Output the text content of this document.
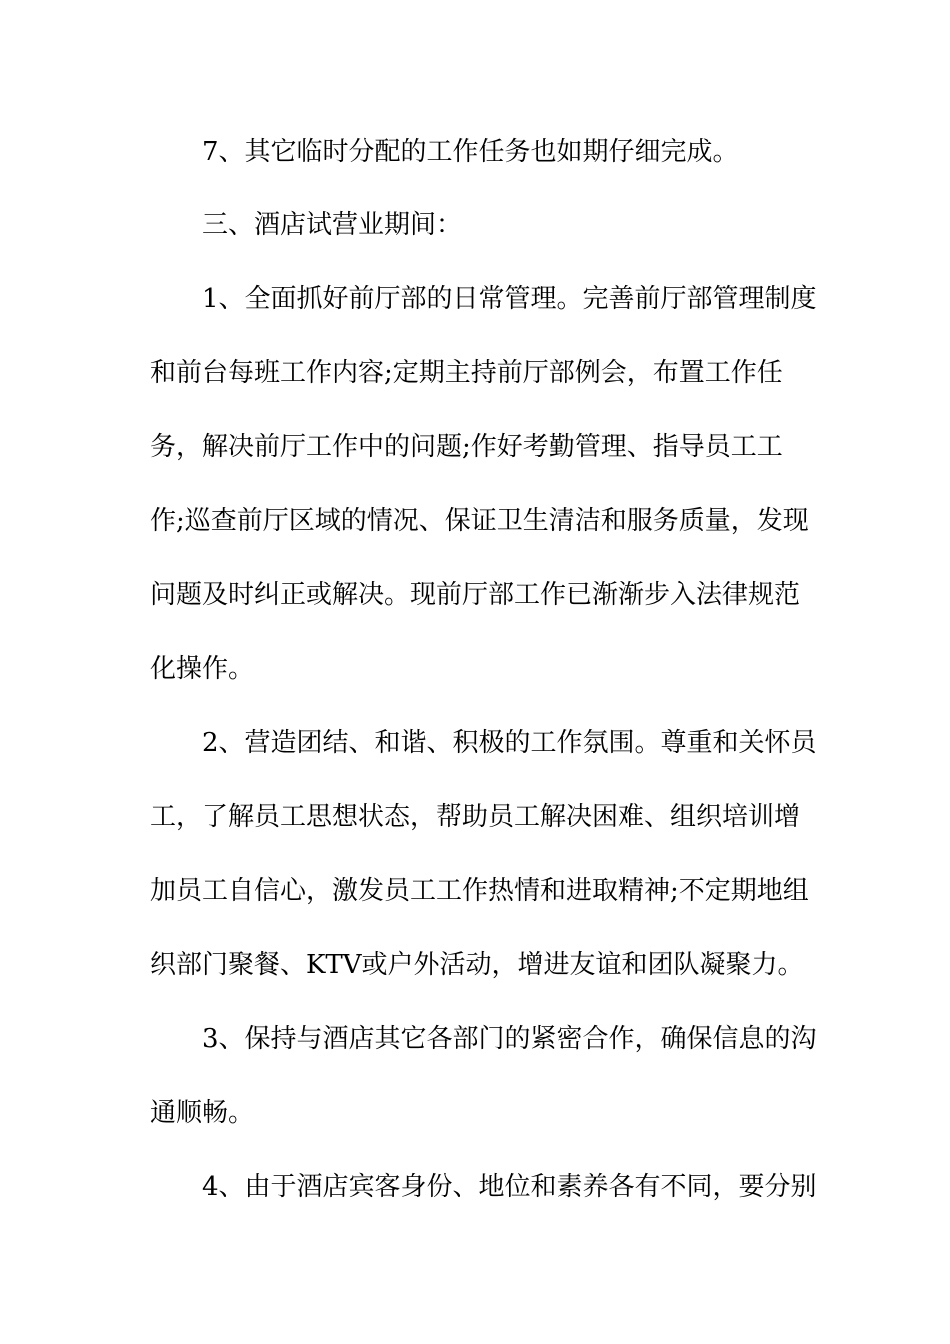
7、其它临时分配的工作任务也如期仔细完成。

三、酒店试营业期间：

1、全面抓好前厅部的日常管理。完善前厅部管理制度

和前台每班工作内容;定期主持前厅部例会，布置工作任

务，解决前厅工作中的问题;作好考勤管理、指导员工工

作;巡查前厅区域的情况、保证卫生清洁和服务质量，发现

问题及时纠正或解决。现前厅部工作已渐渐步入法律规范

化操作。

2、营造团结、和谐、积极的工作氛围。尊重和关怀员

工，了解员工思想状态，帮助员工解决困难、组织培训增

加员工自信心，激发员工工作热情和进取精神;不定期地组

织部门聚餐、KTV或户外活动，增进友谊和团队凝聚力。

3、保持与酒店其它各部门的紧密合作，确保信息的沟

通顺畅。

4、由于酒店宾客身份、地位和素养各有不同，要分别
